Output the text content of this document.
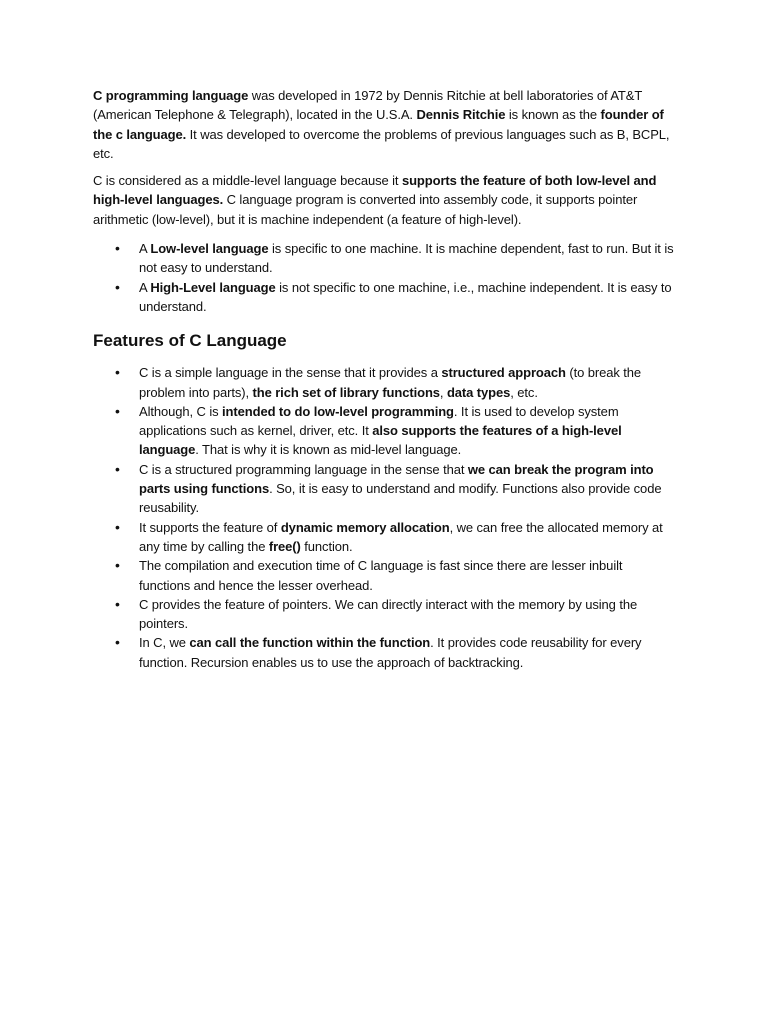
C programming language was developed in 1972 by Dennis Ritchie at bell laboratories of AT&T (American Telephone & Telegraph), located in the U.S.A. Dennis Ritchie is known as the founder of the c language. It was developed to overcome the problems of previous languages such as B, BCPL, etc.

C is considered as a middle-level language because it supports the feature of both low-level and high-level languages. C language program is converted into assembly code, it supports pointer arithmetic (low-level), but it is machine independent (a feature of high-level).

• A Low-level language is specific to one machine. It is machine dependent, fast to run. But it is not easy to understand.
• A High-Level language is not specific to one machine, i.e., machine independent. It is easy to understand.
Features of C Language
• C is a simple language in the sense that it provides a structured approach (to break the problem into parts), the rich set of library functions, data types, etc.
• Although, C is intended to do low-level programming. It is used to develop system applications such as kernel, driver, etc. It also supports the features of a high-level language. That is why it is known as mid-level language.
• C is a structured programming language in the sense that we can break the program into parts using functions. So, it is easy to understand and modify. Functions also provide code reusability.
• It supports the feature of dynamic memory allocation, we can free the allocated memory at any time by calling the free() function.
• The compilation and execution time of C language is fast since there are lesser inbuilt functions and hence the lesser overhead.
• C provides the feature of pointers. We can directly interact with the memory by using the pointers.
• In C, we can call the function within the function. It provides code reusability for every function. Recursion enables us to use the approach of backtracking.
